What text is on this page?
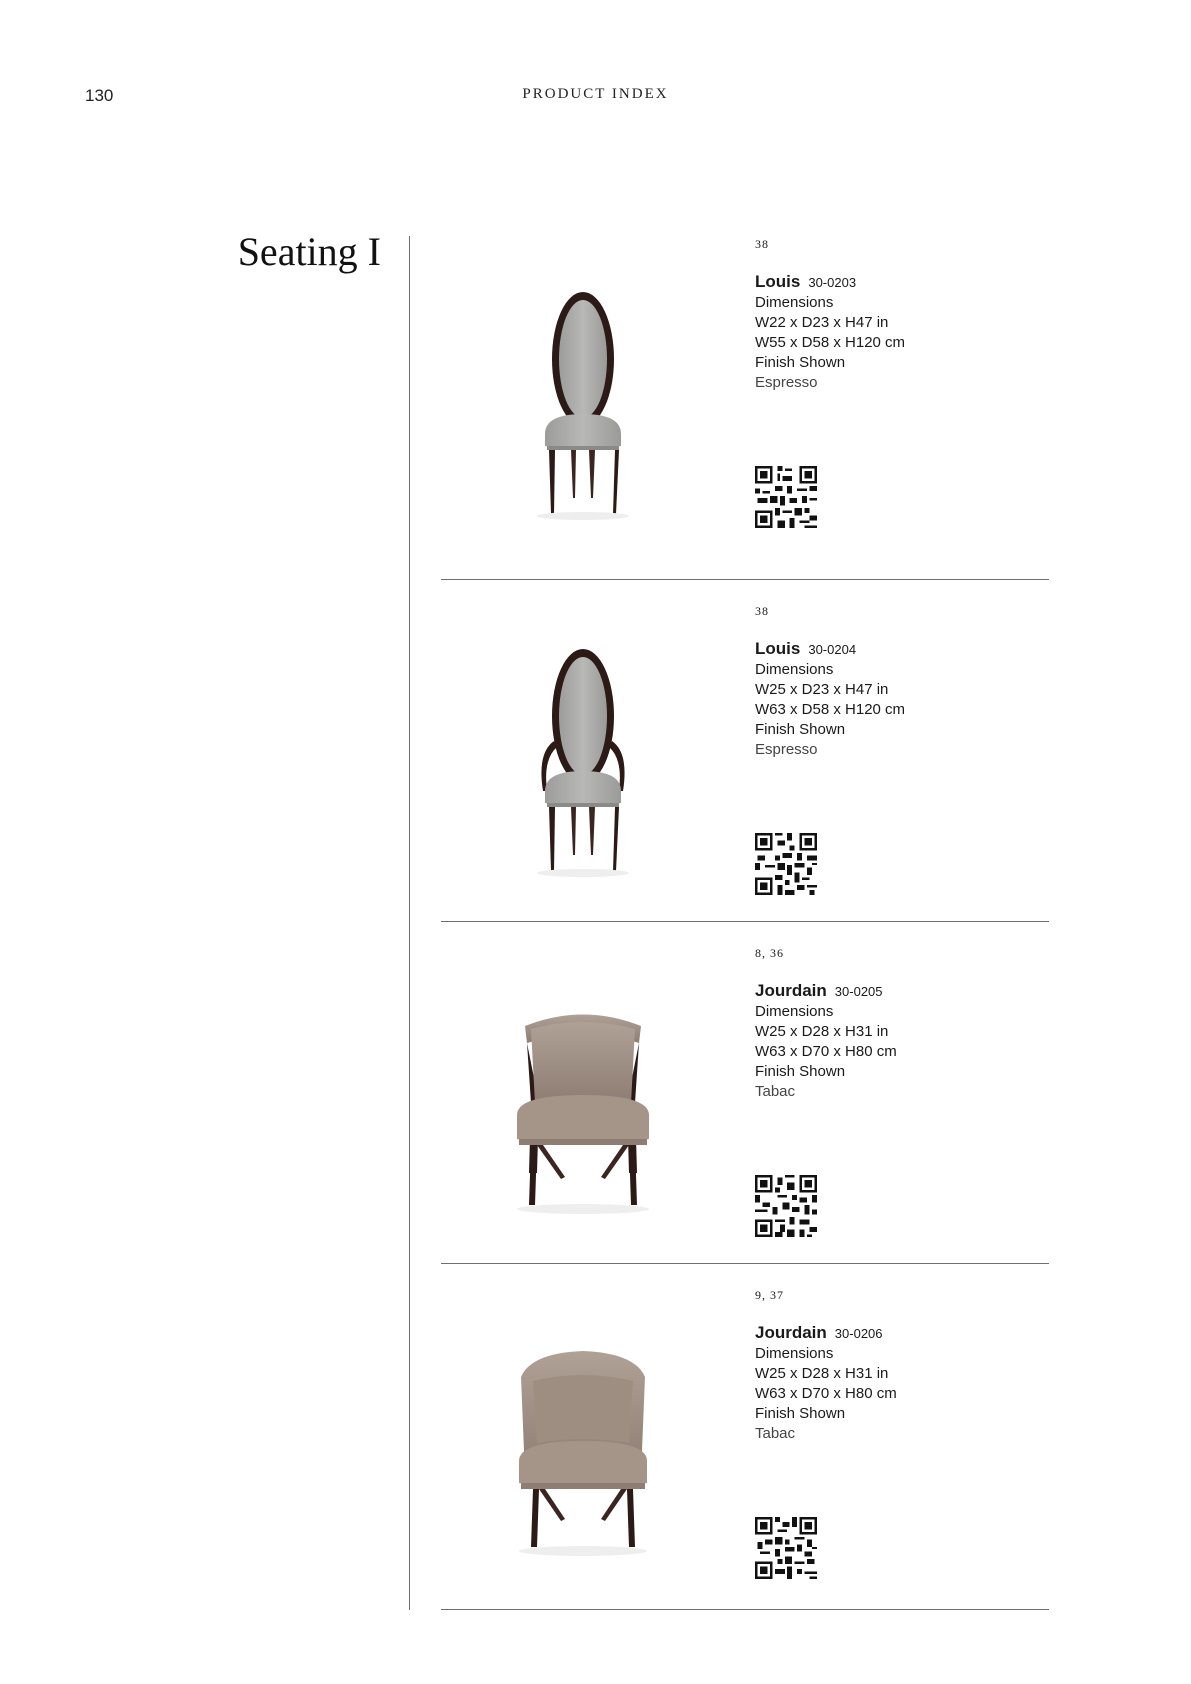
130	PRODUCT INDEX
Seating I	38
Louis 30-0203
Dimensions
W22 x D23 x H47 in
W55 x D58 x H120 cm
Finish Shown
Espresso
38
Louis 30-0204
Dimensions
W25 x D23 x H47 in
W63 x D58 x H120 cm
Finish Shown
Espresso
8, 36
Jourdain 30-0205
Dimensions
W25 x D28 x H31 in
W63 x D70 x H80 cm
Finish Shown
Tabac
9, 37
Jourdain 30-0206
Dimensions
W25 x D28 x H31 in
W63 x D70 x H80 cm
Finish Shown
Tabac
